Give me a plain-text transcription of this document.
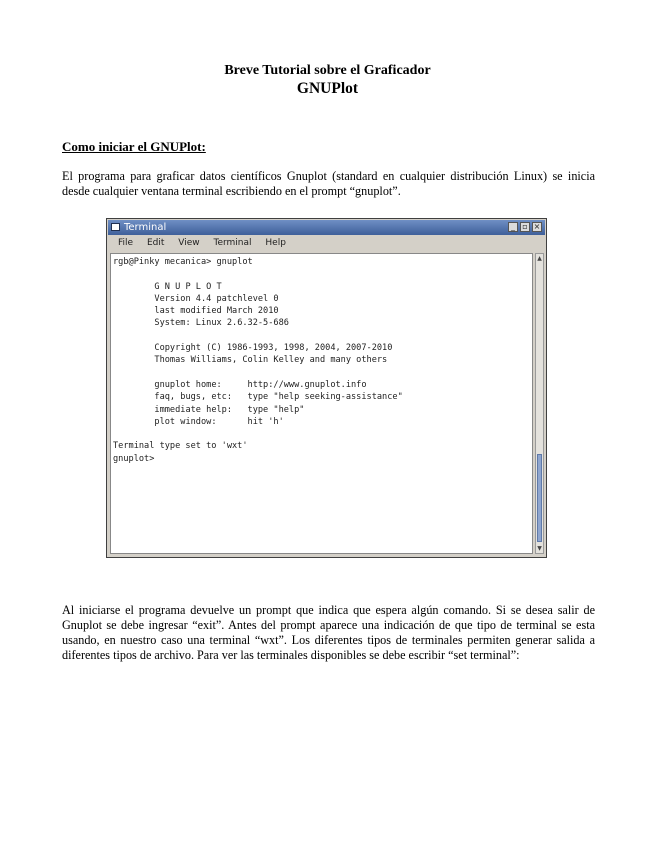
Breve Tutorial sobre el Graficador
GNUPlot
Como iniciar el GNUPlot:
El programa para graficar datos científicos Gnuplot (standard en cualquier distribución Linux) se inicia desde cualquier ventana terminal escribiendo en el prompt “gnuplot”.
Terminal	_ ▫ ×
File Edit View Terminal Help
rgb@Pinky mecanica> gnuplot

	G N U P L O T
	Version 4.4 patchlevel 0
	last modified March 2010
	System: Linux 2.6.32-5-686

	Copyright (C) 1986-1993, 1998, 2004, 2007-2010
	Thomas Williams, Colin Kelley and many others

	gnuplot home:     http://www.gnuplot.info
	faq, bugs, etc:   type "help seeking-assistance"
	immediate help:   type "help"
	plot window:      hit 'h'

Terminal type set to 'wxt'
gnuplot>
▲
▼
Al iniciarse el programa devuelve un prompt que indica que espera algún comando. Si se desea salir de Gnuplot se debe ingresar “exit”. Antes del prompt aparece una indicación de que tipo de terminal se esta usando, en nuestro caso una terminal “wxt”. Los diferentes tipos de terminales permiten generar salida a diferentes tipos de archivo. Para ver las terminales disponibles se debe escribir “set terminal”:
